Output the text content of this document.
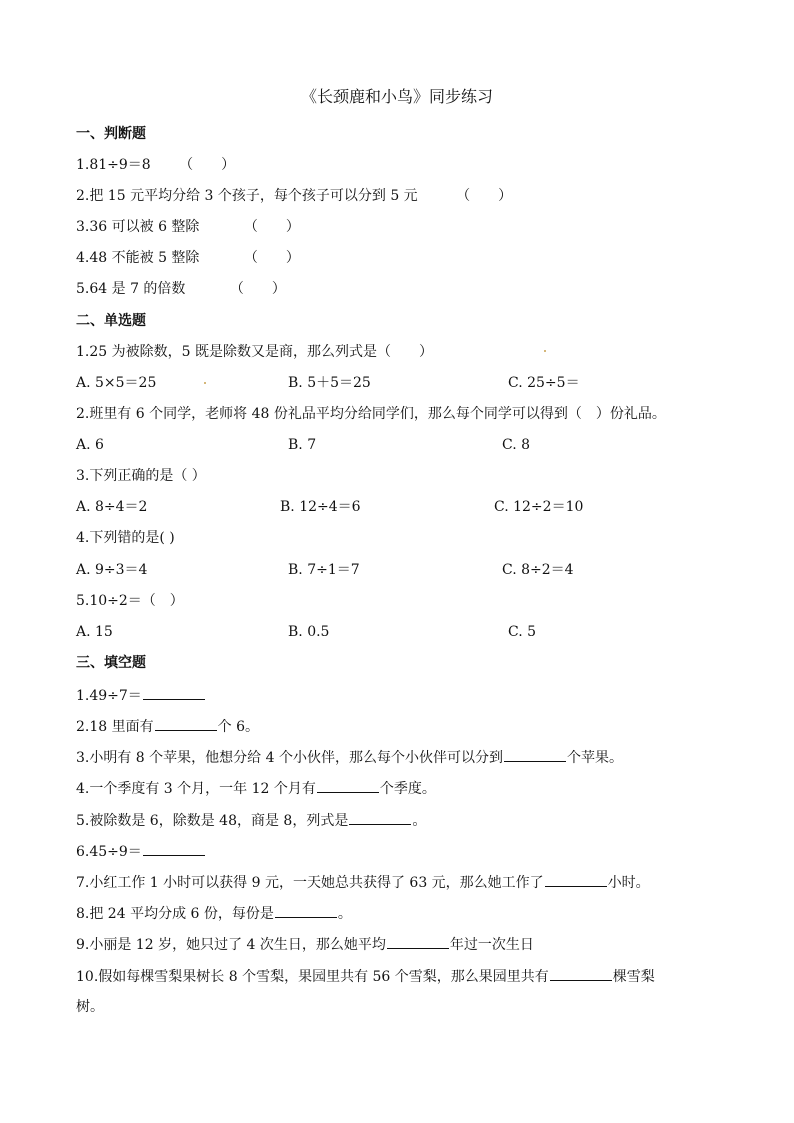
《长颈鹿和小鸟》同步练习
一、判断题
1.81÷9＝8 （　　）
2.把 15 元平均分给 3 个孩子，每个孩子可以分到 5 元	（　　）
3.36 可以被 6 整除	（　　）
4.48 不能被 5 整除	（　　）
5.64 是 7 的倍数	（　　）
二、单选题
1.25 为被除数，5 既是除数又是商，那么列式是（　　）
A. 5×5＝25	B. 5＋5＝25	C. 25÷5＝
2.班里有 6 个同学，老师将 48 份礼品平均分给同学们，那么每个同学可以得到（　）份礼品。
A. 6	B. 7	C. 8
3.下列正确的是（ ）
A. 8÷4＝2	B. 12÷4＝6	C. 12÷2＝10
4.下列错的是( )
A. 9÷3＝4	B. 7÷1＝7	C. 8÷2＝4
5.10÷2＝（　）
A. 15	B. 0.5	C. 5
三、填空题
1.49÷7＝
2.18 里面有	个 6。
3.小明有 8 个苹果，他想分给 4 个小伙伴，那么每个小伙伴可以分到	个苹果。
4.一个季度有 3 个月，一年 12 个月有	个季度。
5.被除数是 6，除数是 48，商是 8，列式是	。
6.45÷9＝
7.小红工作 1 小时可以获得 9 元，一天她总共获得了 63 元，那么她工作了	小时。
8.把 24 平均分成 6 份，每份是	。
9.小丽是 12 岁，她只过了 4 次生日，那么她平均	年过一次生日
10.假如每棵雪梨果树长 8 个雪梨，果园里共有 56 个雪梨，那么果园里共有	棵雪梨
树。
